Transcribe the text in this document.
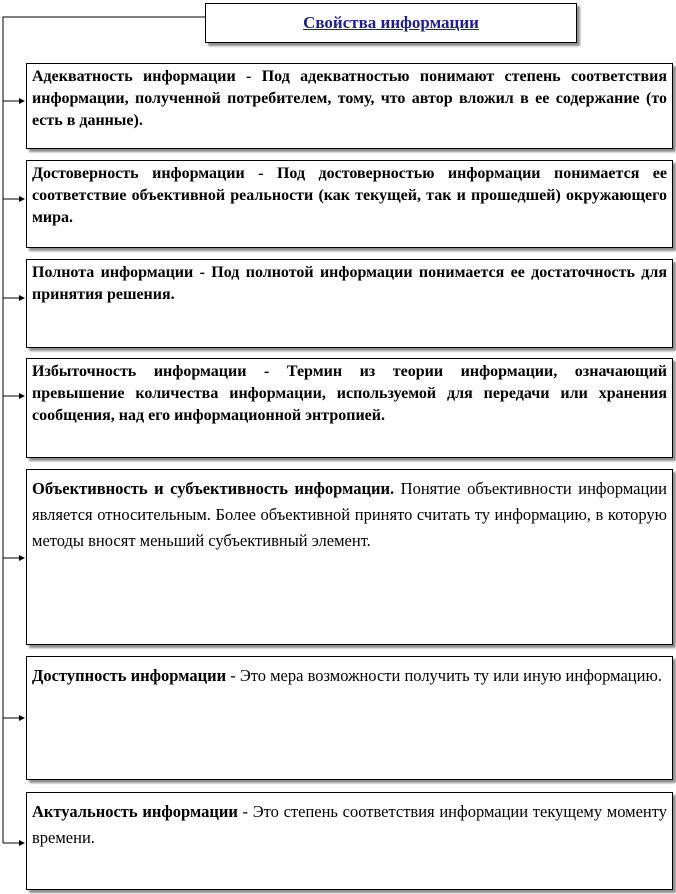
Свойства информации
Адекватность информации - Под адекватностью понимают степень соответствия информации, полученной потребителем, тому, что автор вложил в ее содержание (то есть в данные).
Достоверность информации - Под достоверностью информации понимается ее соответствие объективной реальности (как текущей, так и прошедшей) окружающего мира.
Полнота информации - Под полнотой информации понимается ее достаточность для принятия решения.
Избыточность информации - Термин из теории информации, означающий превышение количества информации, используемой для передачи или хранения сообщения, над его информационной энтропией.
Объективность и субъективность информации. Понятие объективности информации является относительным. Более объективной принято считать ту информацию, в которую методы вносят меньший субъективный элемент.
Доступность информации - Это мера возможности получить ту или иную информацию.
Актуальность информации - Это степень соответствия информации текущему моменту времени.
